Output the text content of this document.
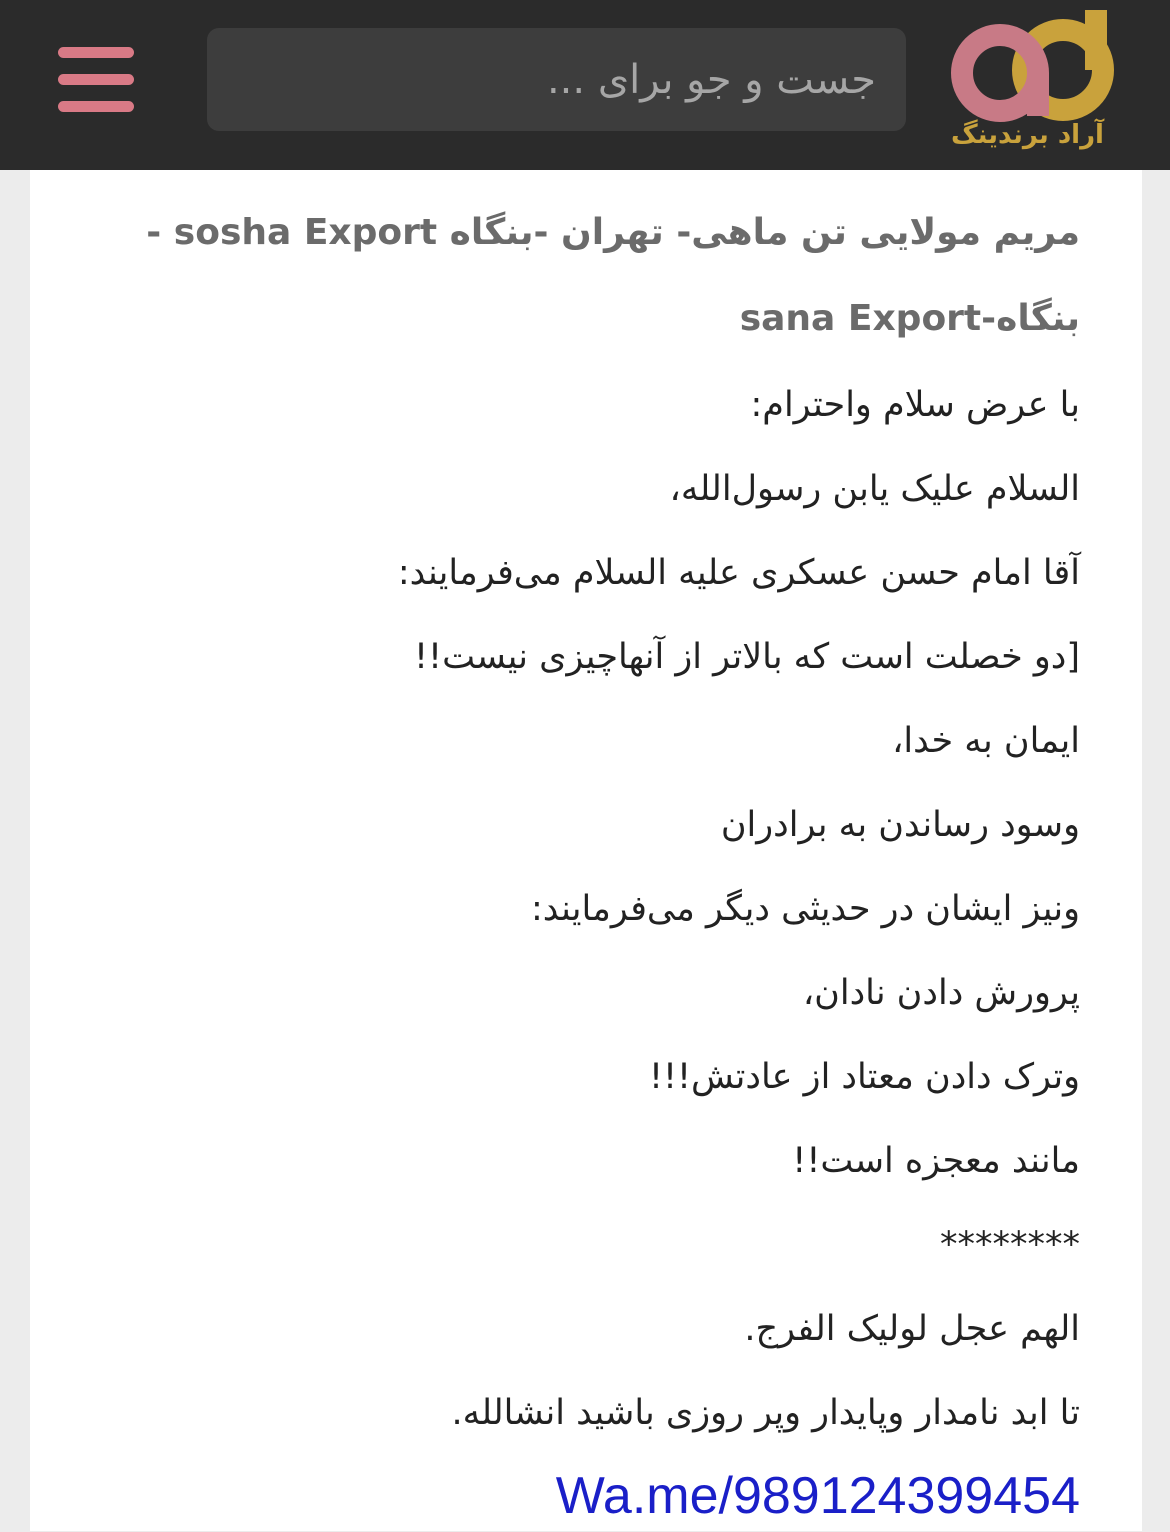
جست و جو برای ...
آراد برندینگ
مریم مولایی تن ماهی- تهران -بنگاه sosha Export - بنگاه-sana Export
با عرض سلام واحترام:
السلام علیک یابن رسول‌الله،
آقا امام حسن عسکری علیه السلام می‌فرمایند:
[دو خصلت است که بالاتر از آنهاچیزی نیست!!
ایمان به خدا،
وسود رساندن به برادران
ونیز ایشان در حدیثی دیگر می‌فرمایند:
پرورش دادن نادان،
وترک دادن معتاد از عادتش!!!
مانند معجزه است!!
********
الهم عجل لولیک الفرج.
تا ابد نامدار وپایدار وپر روزی باشید انشالله.
Wa.me/989124399454
